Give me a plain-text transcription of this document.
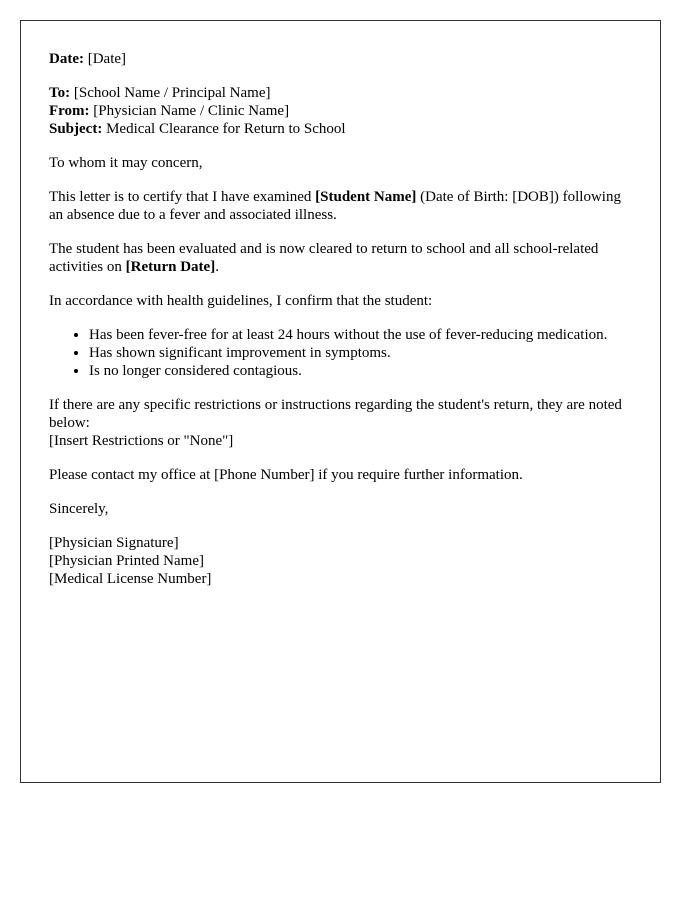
Date: [Date]

To: [School Name / Principal Name]
From: [Physician Name / Clinic Name]
Subject: Medical Clearance for Return to School

To whom it may concern,

This letter is to certify that I have examined [Student Name] (Date of Birth: [DOB]) following an absence due to a fever and associated illness.

The student has been evaluated and is now cleared to return to school and all school-related activities on [Return Date].

In accordance with health guidelines, I confirm that the student:

• Has been fever-free for at least 24 hours without the use of fever-reducing medication.
• Has shown significant improvement in symptoms.
• Is no longer considered contagious.

If there are any specific restrictions or instructions regarding the student's return, they are noted below:
[Insert Restrictions or "None"]

Please contact my office at [Phone Number] if you require further information.

Sincerely,

[Physician Signature]
[Physician Printed Name]
[Medical License Number]
